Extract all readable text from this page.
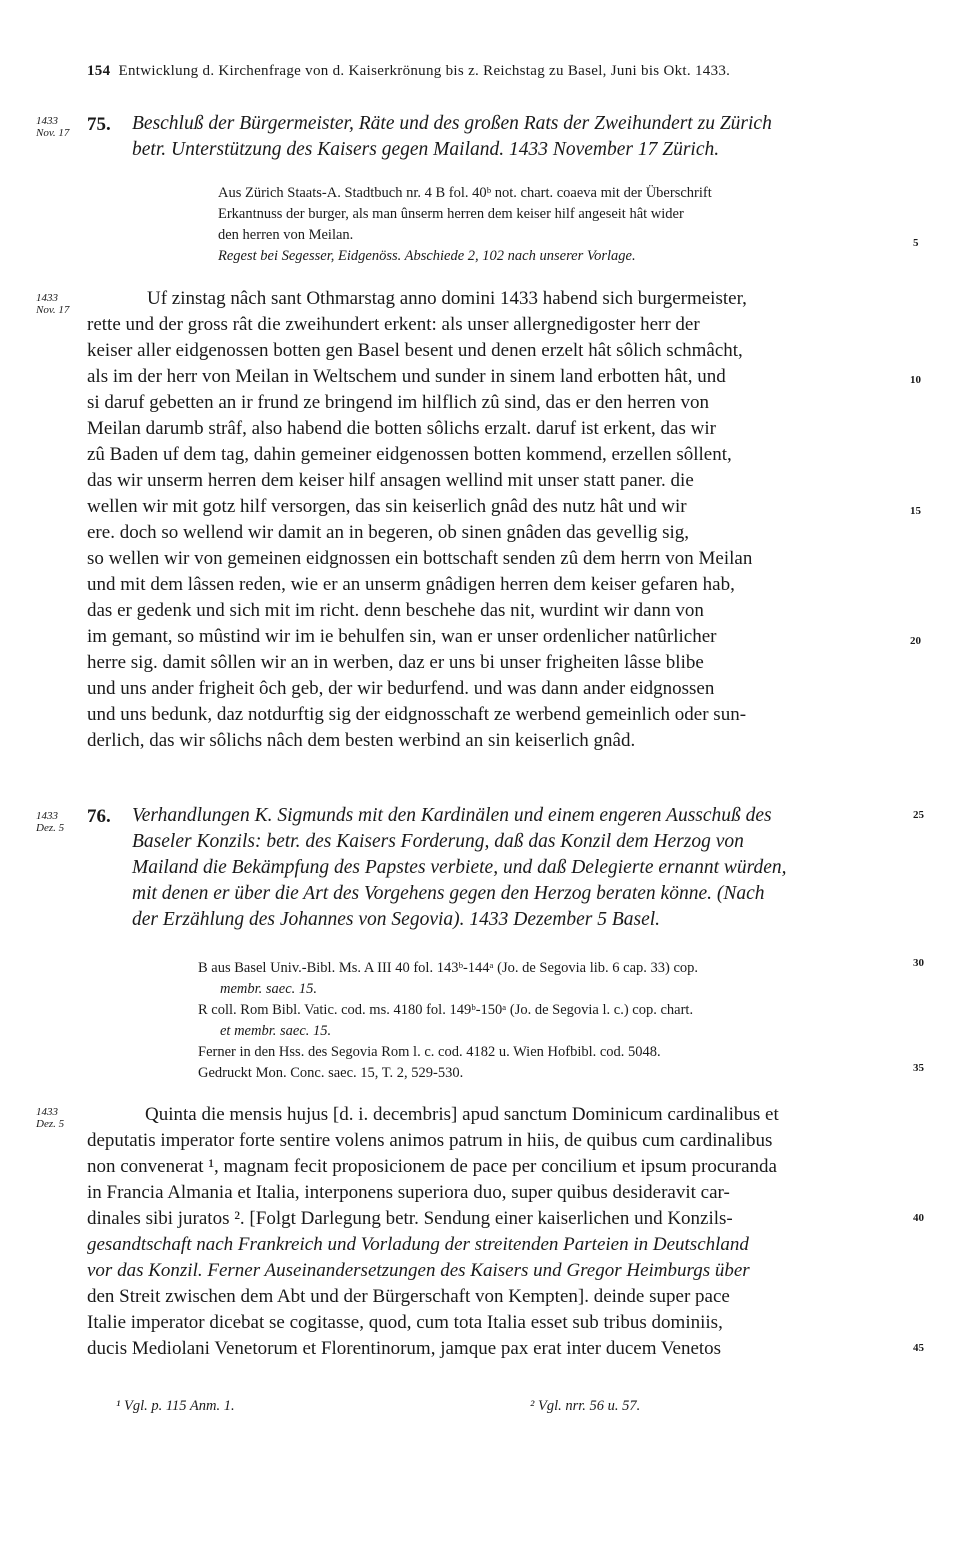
154 Entwicklung d. Kirchenfrage von d. Kaiserkrönung bis z. Reichstag zu Basel, Juni bis Okt. 1433.
1433
Nov. 17 75. Beschluß der Bürgermeister, Räte und des großen Rats der Zweihundert zu Zürich
betr. Unterstützung des Kaisers gegen Mailand. 1433 November 17 Zürich.
Aus Zürich Staats-A. Stadtbuch nr. 4 B fol. 40ᵇ not. chart. coaeva mit der Überschrift
Erkantnuss der burger, als man ûnserm herren dem keiser hilf angeseit hât wider
den herren von Meilan.
Regest bei Segesser, Eidgenöss. Abschiede 2, 102 nach unserer Vorlage.
1433
Nov. 17
Uf zinstag nâch sant Othmarstag anno domini 1433 habend sich burgermeister,
rette und der gross rât die zweihundert erkent: als unser allergnedigoster herr der
keiser aller eidgenossen botten gen Basel besent und denen erzelt hât sôlich schmâcht,
als im der herr von Meilan in Weltschem und sunder in sinem land erbotten hât, und
si daruf gebetten an ir frund ze bringend im hilflich zû sind, das er den herren von
Meilan darumb strâf, also habend die botten sôlichs erzalt. daruf ist erkent, das wir
zû Baden uf dem tag, dahin gemeiner eidgenossen botten kommend, erzellen sôllent,
das wir unserm herren dem keiser hilf ansagen wellind mit unser statt paner. die
wellen wir mit gotz hilf versorgen, das sin keiserlich gnâd des nutz hât und wir
ere. doch so wellend wir damit an in begeren, ob sinen gnâden das gevellig sig,
so wellen wir von gemeinen eidgnossen ein bottschaft senden zû dem herrn von Meilan
und mit dem lâssen reden, wie er an unserm gnâdigen herren dem keiser gefaren hab,
das er gedenk und sich mit im richt. denn beschehe das nit, wurdint wir dann von
im gemant, so mûstind wir im ie behulfen sin, wan er unser ordenlicher natûrlicher
herre sig. damit sôllen wir an in werben, daz er uns bi unser frigheiten lâsse blibe
und uns ander frigheit ôch geb, der wir bedurfend. und was dann ander eidgnossen
und uns bedunk, daz notdurftig sig der eidgnosschaft ze werbend gemeinlich oder sun-
derlich, das wir sôlichs nâch dem besten werbind an sin keiserlich gnâd.
1433
Dez. 5
76. Verhandlungen K. Sigmunds mit den Kardinälen und einem engeren Ausschuß des
Baseler Konzils: betr. des Kaisers Forderung, daß das Konzil dem Herzog von
Mailand die Bekämpfung des Papstes verbiete, und daß Delegierte ernannt würden,
mit denen er über die Art des Vorgehens gegen den Herzog beraten könne. (Nach
der Erzählung des Johannes von Segovia). 1433 Dezember 5 Basel.
B aus Basel Univ.-Bibl. Ms. A III 40 fol. 143ᵇ-144ᵃ (Jo. de Segovia lib. 6 cap. 33) cop.
membr. saec. 15.
R coll. Rom Bibl. Vatic. cod. ms. 4180 fol. 149ᵇ-150ᵃ (Jo. de Segovia l. c.) cop. chart.
et membr. saec. 15.
Ferner in den Hss. des Segovia Rom l. c. cod. 4182 u. Wien Hofbibl. cod. 5048.
Gedruckt Mon. Conc. saec. 15, T. 2, 529-530.
1433
Dez. 5	Quinta die mensis hujus [d. i. decembris] apud sanctum Dominicum cardinalibus et
deputatis imperator forte sentire volens animos patrum in hiis, de quibus cum cardinalibus
non convenerat ¹, magnam fecit proposicionem de pace per concilium et ipsum procuranda
in Francia Almania et Italia, interponens superiora duo, super quibus desideravit car-
dinales sibi juratos ². [Folgt Darlegung betr. Sendung einer kaiserlichen und Konzils-
gesandtschaft nach Frankreich und Vorladung der streitenden Parteien in Deutschland
vor das Konzil. Ferner Auseinandersetzungen des Kaisers und Gregor Heimburgs über
den Streit zwischen dem Abt und der Bürgerschaft von Kempten]. deinde super pace
Italie imperator dicebat se cogitasse, quod, cum tota Italia esset sub tribus dominiis,
ducis Mediolani Venetorum et Florentinorum, jamque pax erat inter ducem Venetos
5
10
15
20
25
30
35
40
45
¹ Vgl. p. 115 Anm. 1.	² Vgl. nrr. 56 u. 57.
